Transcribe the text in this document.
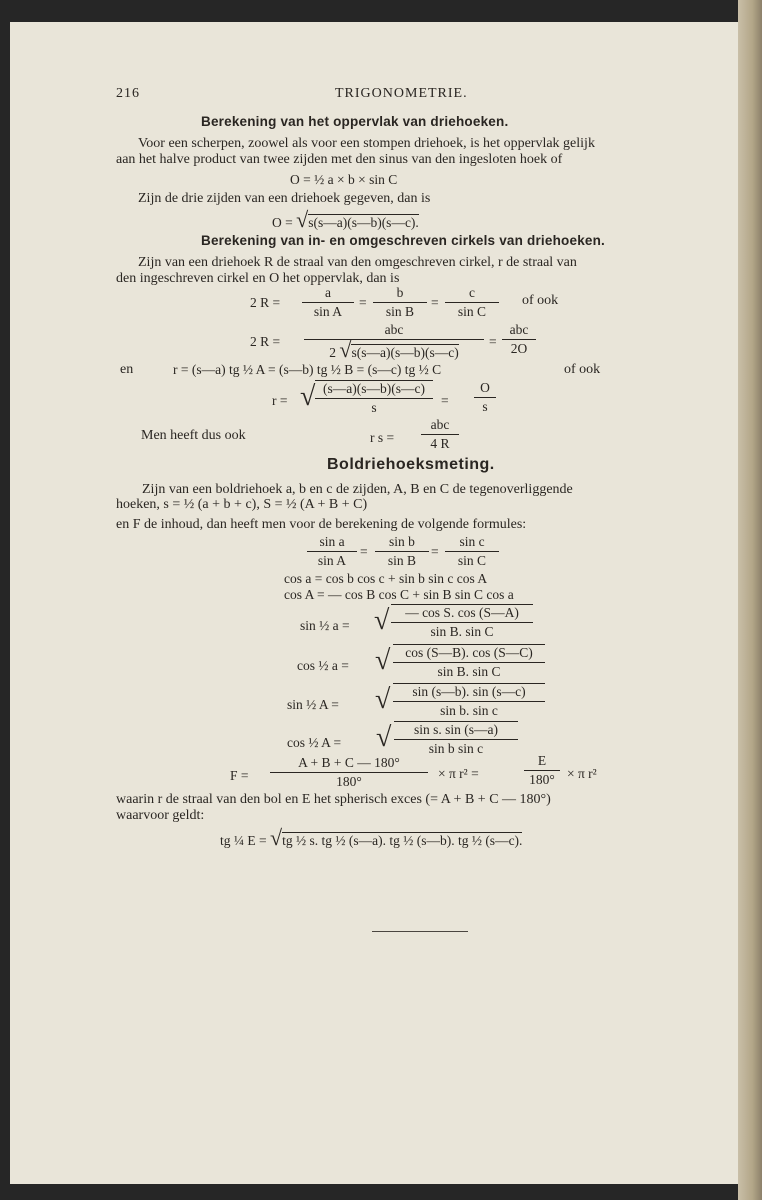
216	TRIGONOMETRIE.
Berekening van het oppervlak van driehoeken.
Voor een scherpen, zoowel als voor een stompen driehoek, is het oppervlak gelijk
aan het halve product van twee zijden met den sinus van den ingesloten hoek of
O = ½ a × b × sin C
Zijn de drie zijden van een driehoek gegeven, dan is
O = √s(s—a)(s—b)(s—c).
Berekening van in- en omgeschreven cirkels van driehoeken.
Zijn van een driehoek R de straal van den omgeschreven cirkel, r de straal van
den ingeschreven cirkel en O het oppervlak, dan is
2 $R = \frac{a}{\text{sin A}} = \frac{b}{\text{sin B}} = \frac{c}{\text{sin C}}$ of ook
2 R =
abc
2 √s(s—a)(s—b)(s—c)
=
abc
2O
en	r = (s—a) tg ½ A = (s—b) tg ½ B = (s—c) tg ½ C	of ook
r = √ $\frac{(s—a)(s—b)(s—c)}{s} = \frac{O}{s}$
Men heeft dus ook	r s =
abc
4 R
Boldriehoeksmeting.
Zijn van een boldriehoek a, b en c de zijden, A, B en C de tegenoverliggende
hoeken, s = ½ (a + b + c), S = ½ (A + B + C)
en F de inhoud, dan heeft men voor de berekening de volgende formules:
$\frac{\text{sin a}}{\text{sin A}} = \frac{\text{sin b}}{\text{sin B}} = \frac{\text{sin c}}{\text{sin C}}$
cos a = cos b cos c + sin b sin c cos A
cos A = — cos B cos C + sin B sin C cos a
sin ½ a = √ $\frac{\text{— cos S. cos (S—A)}}{\text{sin B. sin C}}$
cos ½ a = √ $\frac{\cos (S—B). \cos (S—C)}{\text{sin B. sin C}}$
sin ½ A = √ $\frac{\sin (s—b). \sin (s—c)}{\text{sin b. sin c}}$
cos ½ A = √ $\frac{\text{sin s. sin (s—a)}}{\text{sin b sin c}}$
$F = \frac{A + B + C — 180^\circ}{180^\circ} \times \pi$ r² =	$\frac{E}{180^\circ} \times \pi$ r²
waarin r de straal van den bol en E het spherisch exces (= A + B + C — 180°)
waarvoor geldt:
tg ¼ E = √tg ½ s. tg ½ (s—a). tg ½ (s—b). tg ½ (s—c).
